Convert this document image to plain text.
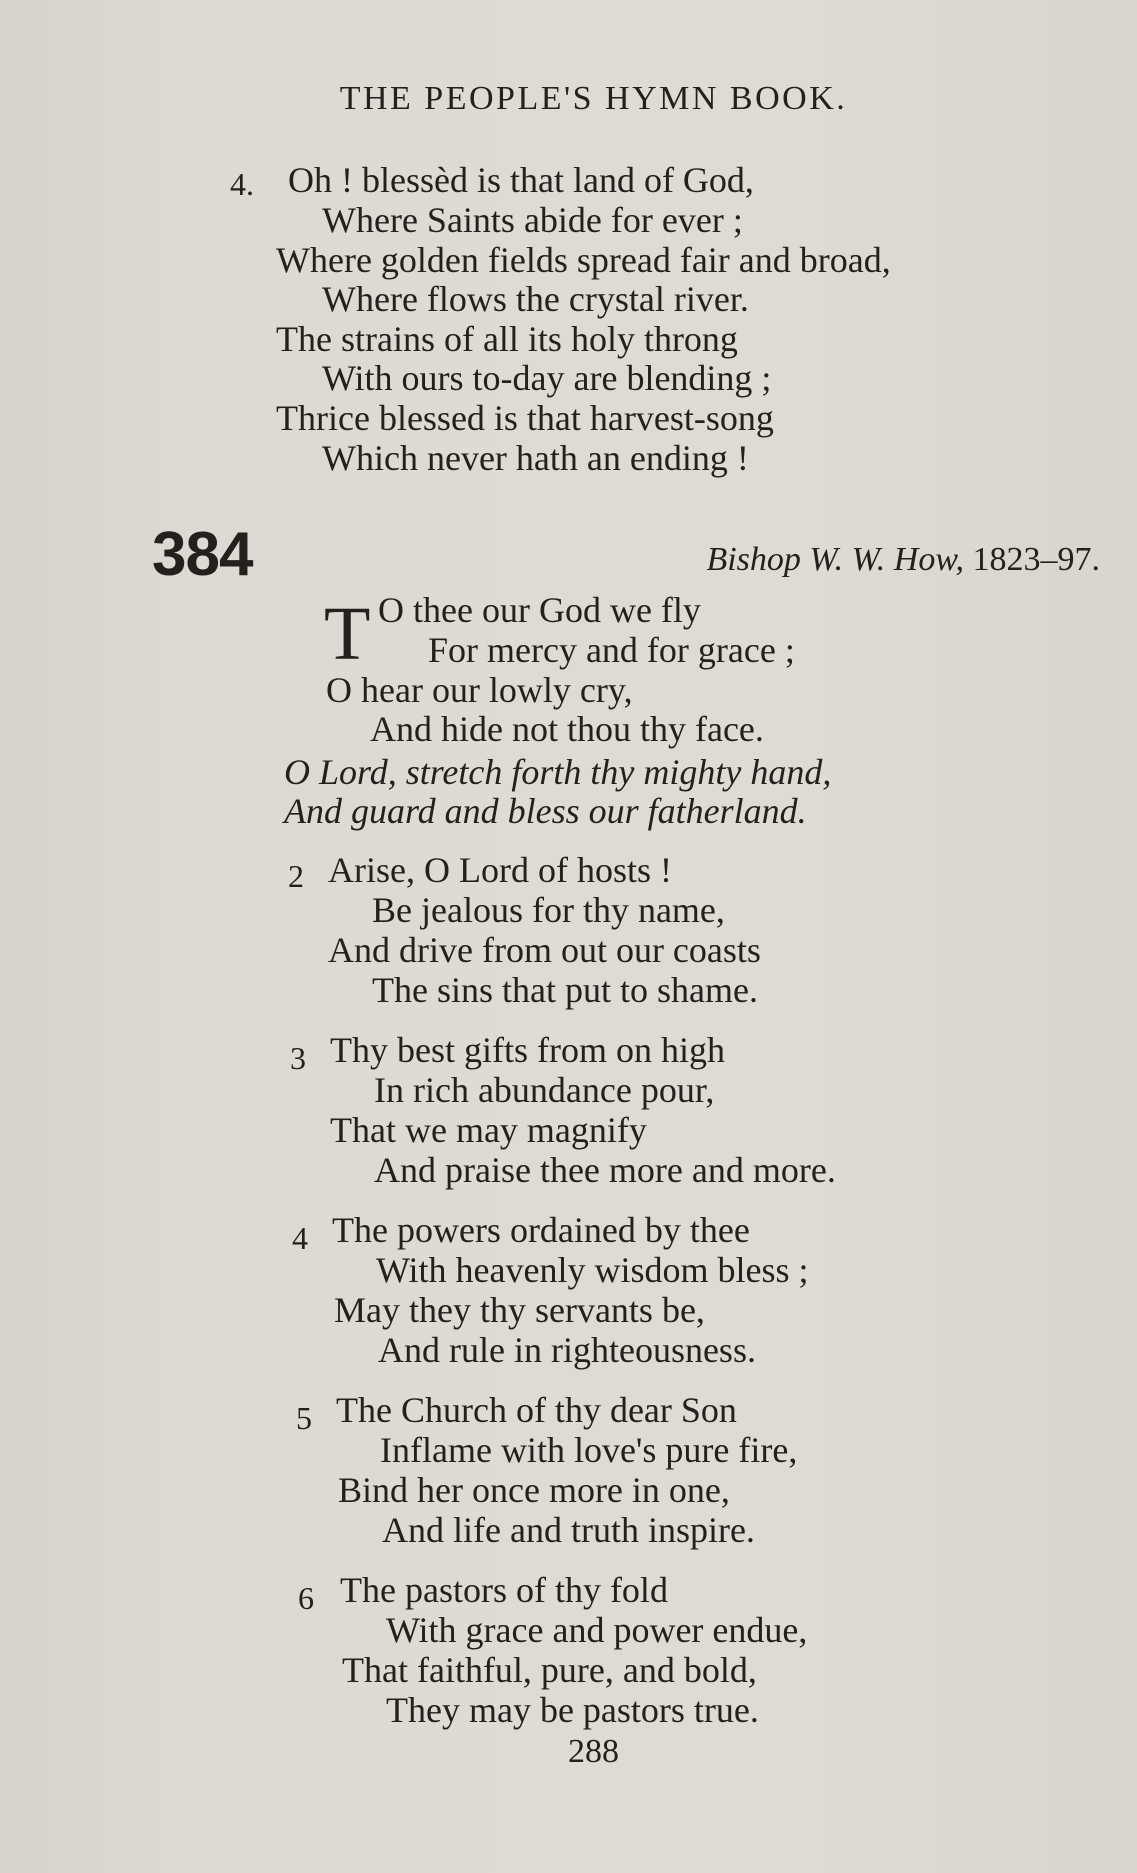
THE PEOPLE'S HYMN BOOK.
4. Oh ! blessèd is that land of God,
Where Saints abide for ever ;
Where golden fields spread fair and broad,
Where flows the crystal river.
The strains of all its holy throng
With ours to-day are blending ;
Thrice blessed is that harvest-song
Which never hath an ending !
384	Bishop W. W. How, 1823–97.
T O thee our God we fly
For mercy and for grace ;
O hear our lowly cry,
And hide not thou thy face.
O Lord, stretch forth thy mighty hand,
And guard and bless our fatherland.
2 Arise, O Lord of hosts !
Be jealous for thy name,
And drive from out our coasts
The sins that put to shame.
3 Thy best gifts from on high
In rich abundance pour,
That we may magnify
And praise thee more and more.
4 The powers ordained by thee
With heavenly wisdom bless ;
May they thy servants be,
And rule in righteousness.
5 The Church of thy dear Son
Inflame with love's pure fire,
Bind her once more in one,
And life and truth inspire.
6 The pastors of thy fold
With grace and power endue,
That faithful, pure, and bold,
They may be pastors true.
288
